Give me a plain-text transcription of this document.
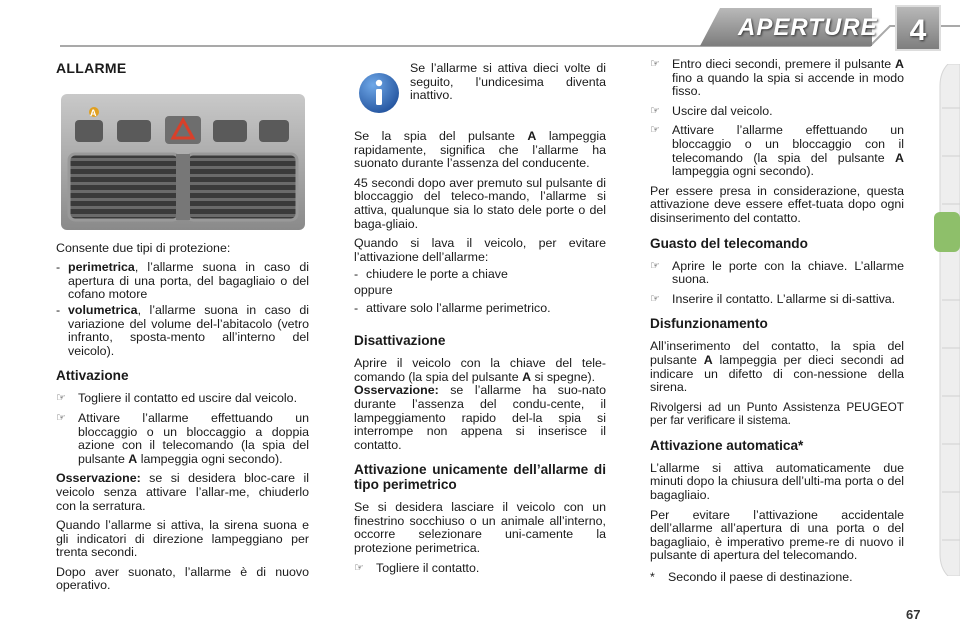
APERTURE 4
ALLARME
A
Consente due tipi di protezione:
- perimetrica, l’allarme suona in caso di apertura di una porta, del bagagliaio o del cofano motore
- volumetrica, l’allarme suona in caso di variazione del volume del-l’abitacolo (vetro infranto, sposta-mento all’interno del veicolo).
Attivazione
☞ Togliere il contatto ed uscire dal veicolo.
☞ Attivare l’allarme effettuando un bloccaggio o un bloccaggio a doppia azione con il telecomando (la spia del pulsante A lampeggia ogni secondo).
Osservazione: se si desidera bloc-care il veicolo senza attivare l’allar-me, chiuderlo con la serratura.
Quando l’allarme si attiva, la sirena suona e gli indicatori di direzione lampeggiano per trenta secondi.
Dopo aver suonato, l’allarme è di nuovo operativo.
Se l’allarme si attiva dieci volte di seguito, l’undicesima diventa inattivo.
Se la spia del pulsante A lampeggia rapidamente, significa che l’allarme ha suonato durante l’assenza del conducente.
45 secondi dopo aver premuto sul pulsante di bloccaggio del teleco-mando, l’allarme si attiva, qualunque sia lo stato dele porte o del baga-gliaio.
Quando si lava il veicolo, per evitare l’attivazione dell’allarme:
- chiudere le porte a chiave
oppure
- attivare solo l’allarme perimetrico.
Disattivazione
Aprire il veicolo con la chiave del tele-comando (la spia del pulsante A si spegne).
Osservazione: se l’allarme ha suo-nato durante l’assenza del condu-cente, il lampeggiamento rapido del-la spia si interrompe non appena si inserisce il contatto.
Attivazione unicamente dell’allarme di tipo perimetrico
Se si desidera lasciare il veicolo con un finestrino socchiuso o un animale all’interno, occorre selezionare uni-camente la protezione perimetrica.
☞ Togliere il contatto.
☞ Entro dieci secondi, premere il pulsante A fino a quando la spia si accende in modo fisso.
☞ Uscire dal veicolo.
☞ Attivare l’allarme effettuando un bloccaggio o un bloccaggio con il telecomando (la spia del pulsante A lampeggia ogni secondo).
Per essere presa in considerazione, questa attivazione deve essere effet-tuata dopo ogni disinserimento del contatto.
Guasto del telecomando
☞ Aprire le porte con la chiave. L’allarme suona.
☞ Inserire il contatto. L’allarme si di-sattiva.
Disfunzionamento
All’inserimento del contatto, la spia del pulsante A lampeggia per dieci secondi ad indicare un difetto di con-nessione della sirena.
Rivolgersi ad un Punto Assistenza PEUGEOT per far verificare il sistema.
Attivazione automatica*
L’allarme si attiva automaticamente due minuti dopo la chiusura dell’ulti-ma porta o del bagagliaio.
Per evitare l’attivazione accidentale dell’allarme all’apertura di una porta o del bagagliaio, è imperativo preme-re di nuovo il pulsante di apertura del telecomando.
* Secondo il paese di destinazione.
67
